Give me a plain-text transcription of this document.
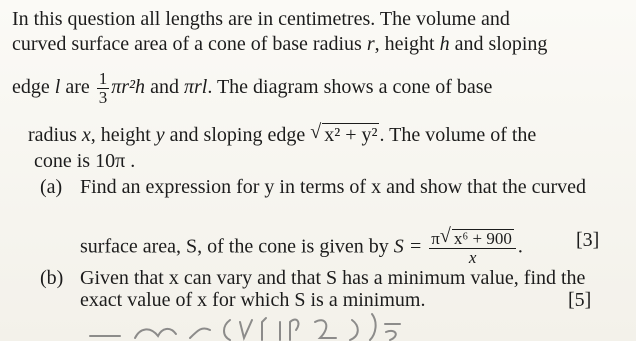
In this question all lengths are in centimetres. The volume and
curved surface area of a cone of base radius r, height h and sloping
edge l are $\frac{1}{3} \pi r^2h$ and πrl. The diagram shows a cone of base
radius x, height y and sloping edge √ x² + y² . The volume of the
cone is 10π .
(a) Find an expression for y in terms of x and show that the curved
surface area, S, of the cone is given by $S = \frac{\text{π √ x⁶ + 900}}{x}$ .	[3]
(b) Given that x can vary and that S has a minimum value, find the
exact value of x for which S is a minimum.	[5]
